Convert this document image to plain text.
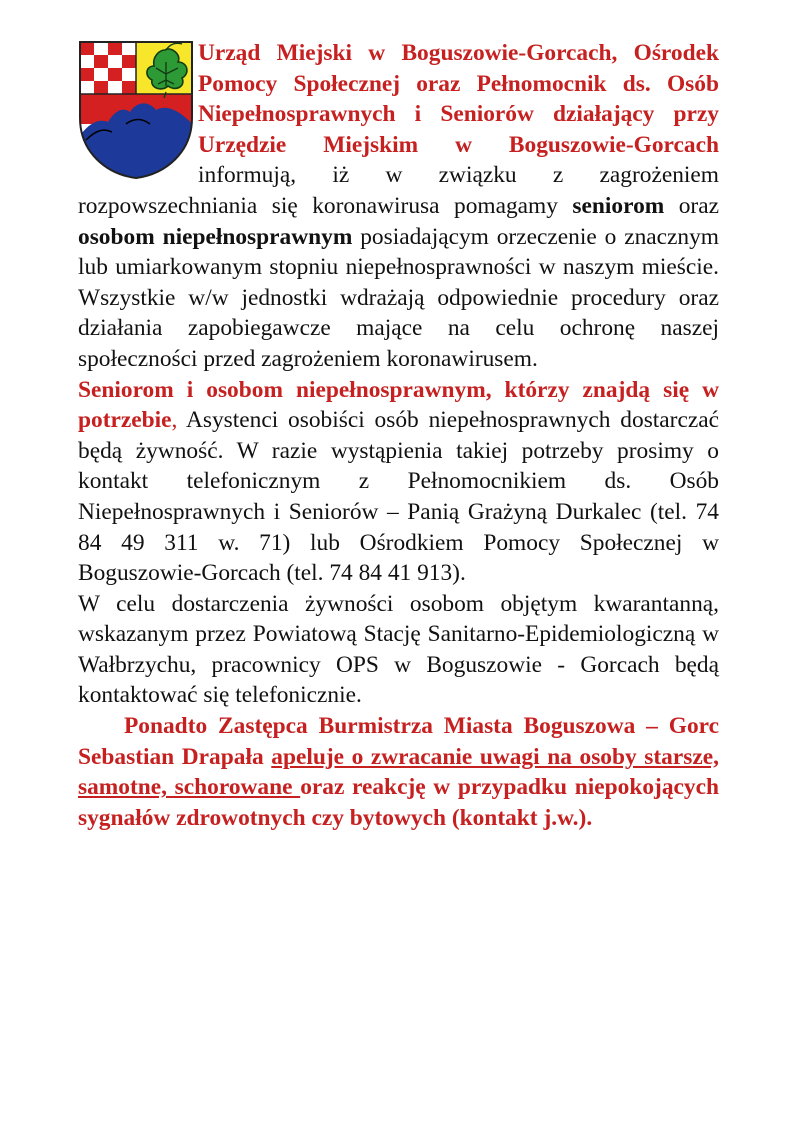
Urząd Miejski w Boguszowie-Gorcach, Ośrodek Pomocy Społecznej oraz Pełnomocnik ds. Osób Niepełnosprawnych i Seniorów działający przy Urzędzie Miejskim w Boguszowie-Gorcach informują, iż w związku z zagrożeniem rozpowszechniania się koronawirusa pomagamy seniorom oraz osobom niepełnosprawnym posiadającym orzeczenie o znacznym lub umiarkowanym stopniu niepełnosprawności w naszym mieście. Wszystkie w/w jednostki wdrażają odpowiednie procedury oraz działania zapobiegawcze mające na celu ochronę naszej społeczności przed zagrożeniem koronawirusem.

Seniorom i osobom niepełnosprawnym, którzy znajdą się w potrzebie, Asystenci osobiści osób niepełnosprawnych dostarczać będą żywność. W razie wystąpienia takiej potrzeby prosimy o kontakt telefonicznym z Pełnomocnikiem ds. Osób Niepełnosprawnych i Seniorów – Panią Grażyną Durkalec (tel. 74 84 49 311 w. 71) lub Ośrodkiem Pomocy Społecznej w Boguszowie-Gorcach (tel. 74 84 41 913).

W celu dostarczenia żywności osobom objętym kwarantanną, wskazanym przez Powiatową Stację Sanitarno-Epidemiologiczną w Wałbrzychu, pracownicy OPS w Boguszowie - Gorcach będą kontaktować się telefonicznie.

Ponadto Zastępca Burmistrza Miasta Boguszowa – Gorc Sebastian Drapała apeluje o zwracanie uwagi na osoby starsze, samotne, schorowane oraz reakcję w przypadku niepokojących sygnałów zdrowotnych czy bytowych (kontakt j.w.).
